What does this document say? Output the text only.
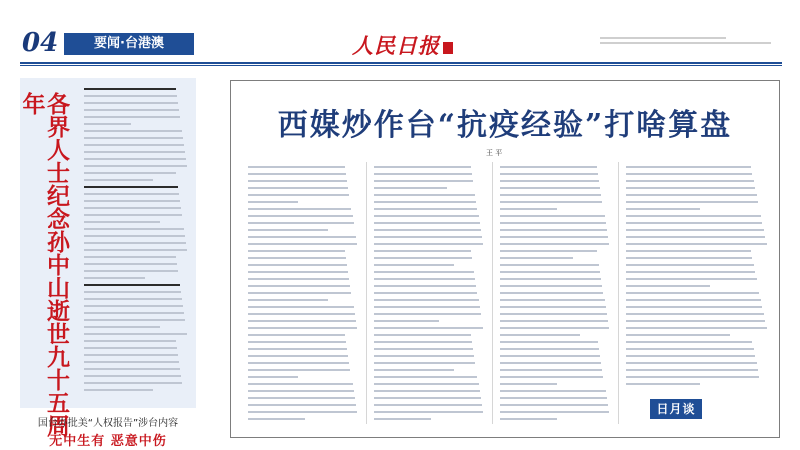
04	要闻·台港澳	人民日报
各界人士纪念孙中山逝世九十五周年
国台办批美“人权报告”涉台内容
无中生有 恶意中伤
西媒炒作台“抗疫经验”打啥算盘
王 平
日月谈
